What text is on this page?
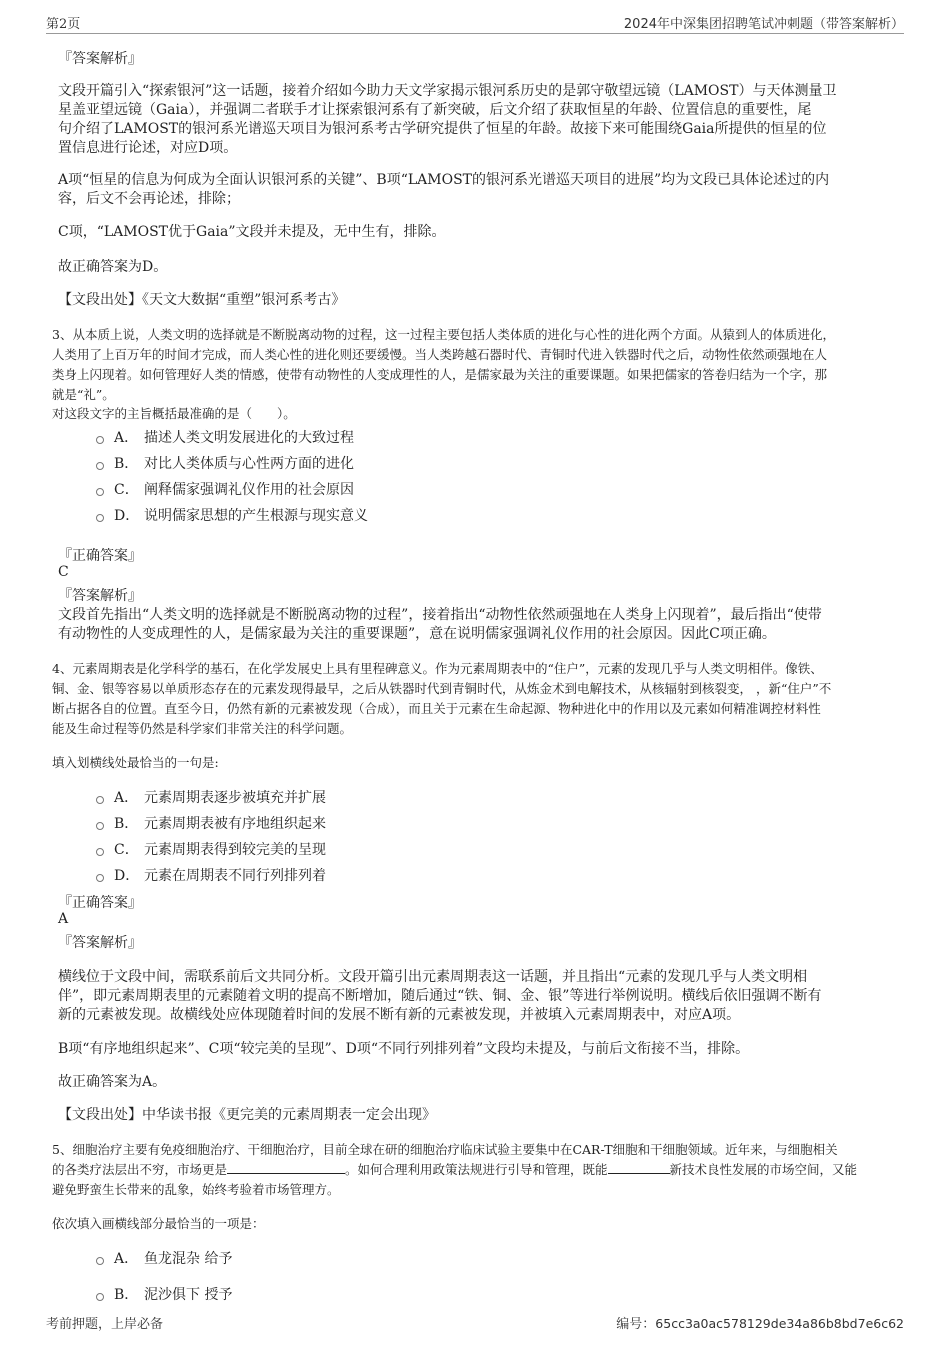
第2页	2024年中深集团招聘笔试冲刺题（带答案解析）
『答案解析』
文段开篇引入“探索银河”这一话题，接着介绍如今助力天文学家揭示银河系历史的是郭守敬望远镜（LAMOST）与天体测量卫
星盖亚望远镜（Gaia），并强调二者联手才让探索银河系有了新突破，后文介绍了获取恒星的年龄、位置信息的重要性，尾
句介绍了LAMOST的银河系光谱巡天项目为银河系考古学研究提供了恒星的年龄。故接下来可能围绕Gaia所提供的恒星的位
置信息进行论述，对应D项。
A项“恒星的信息为何成为全面认识银河系的关键”、B项“LAMOST的银河系光谱巡天项目的进展”均为文段已具体论述过的内
容，后文不会再论述，排除；
C项，“LAMOST优于Gaia”文段并未提及，无中生有，排除。
故正确答案为D。
【文段出处】《天文大数据“重塑”银河系考古》
3、从本质上说，人类文明的选择就是不断脱离动物的过程，这一过程主要包括人类体质的进化与心性的进化两个方面。从猿到人的体质进化，
人类用了上百万年的时间才完成，而人类心性的进化则还要缓慢。当人类跨越石器时代、青铜时代进入铁器时代之后，动物性依然顽强地在人
类身上闪现着。如何管理好人类的情感，使带有动物性的人变成理性的人，是儒家最为关注的重要课题。如果把儒家的答卷归结为一个字，那
就是“礼”。
对这段文字的主旨概括最准确的是（　　）。
A． 描述人类文明发展进化的大致过程
B． 对比人类体质与心性两方面的进化
C． 阐释儒家强调礼仪作用的社会原因
D． 说明儒家思想的产生根源与现实意义
『正确答案』
C
『答案解析』
文段首先指出“人类文明的选择就是不断脱离动物的过程”，接着指出“动物性依然顽强地在人类身上闪现着”，最后指出“使带
有动物性的人变成理性的人，是儒家最为关注的重要课题”，意在说明儒家强调礼仪作用的社会原因。因此C项正确。
4、元素周期表是化学科学的基石，在化学发展史上具有里程碑意义。作为元素周期表中的“住户”，元素的发现几乎与人类文明相伴。像铁、
铜、金、银等容易以单质形态存在的元素发现得最早，之后从铁器时代到青铜时代，从炼金术到电解技术，从核辐射到核裂变， ，新“住户”不
断占据各自的位置。直至今日，仍然有新的元素被发现（合成），而且关于元素在生命起源、物种进化中的作用以及元素如何精准调控材料性
能及生命过程等仍然是科学家们非常关注的科学问题。
填入划横线处最恰当的一句是:
A． 元素周期表逐步被填充并扩展
B． 元素周期表被有序地组织起来
C． 元素周期表得到较完美的呈现
D． 元素在周期表不同行列排列着
『正确答案』
A
『答案解析』
横线位于文段中间，需联系前后文共同分析。文段开篇引出元素周期表这一话题，并且指出“元素的发现几乎与人类文明相
伴”，即元素周期表里的元素随着文明的提高不断增加，随后通过“铁、铜、金、银”等进行举例说明。横线后依旧强调不断有
新的元素被发现。故横线处应体现随着时间的发展不断有新的元素被发现，并被填入元素周期表中，对应A项。
B项“有序地组织起来”、C项“较完美的呈现”、D项“不同行列排列着”文段均未提及，与前后文衔接不当，排除。
故正确答案为A。
【文段出处】中华读书报《更完美的元素周期表一定会出现》
5、细胞治疗主要有免疫细胞治疗、干细胞治疗，目前全球在研的细胞治疗临床试验主要集中在CAR-T细胞和干细胞领域。近年来，与细胞相关
的各类疗法层出不穷，市场更是	。如何合理利用政策法规进行引导和管理，既能	新技术良性发展的市场空间，又能
避免野蛮生长带来的乱象，始终考验着市场管理方。
依次填入画横线部分最恰当的一项是：
A． 鱼龙混杂 给予
B． 泥沙俱下 授予
考前押题，上岸必备	编号：65cc3a0ac578129de34a86b8bd7e6c62
